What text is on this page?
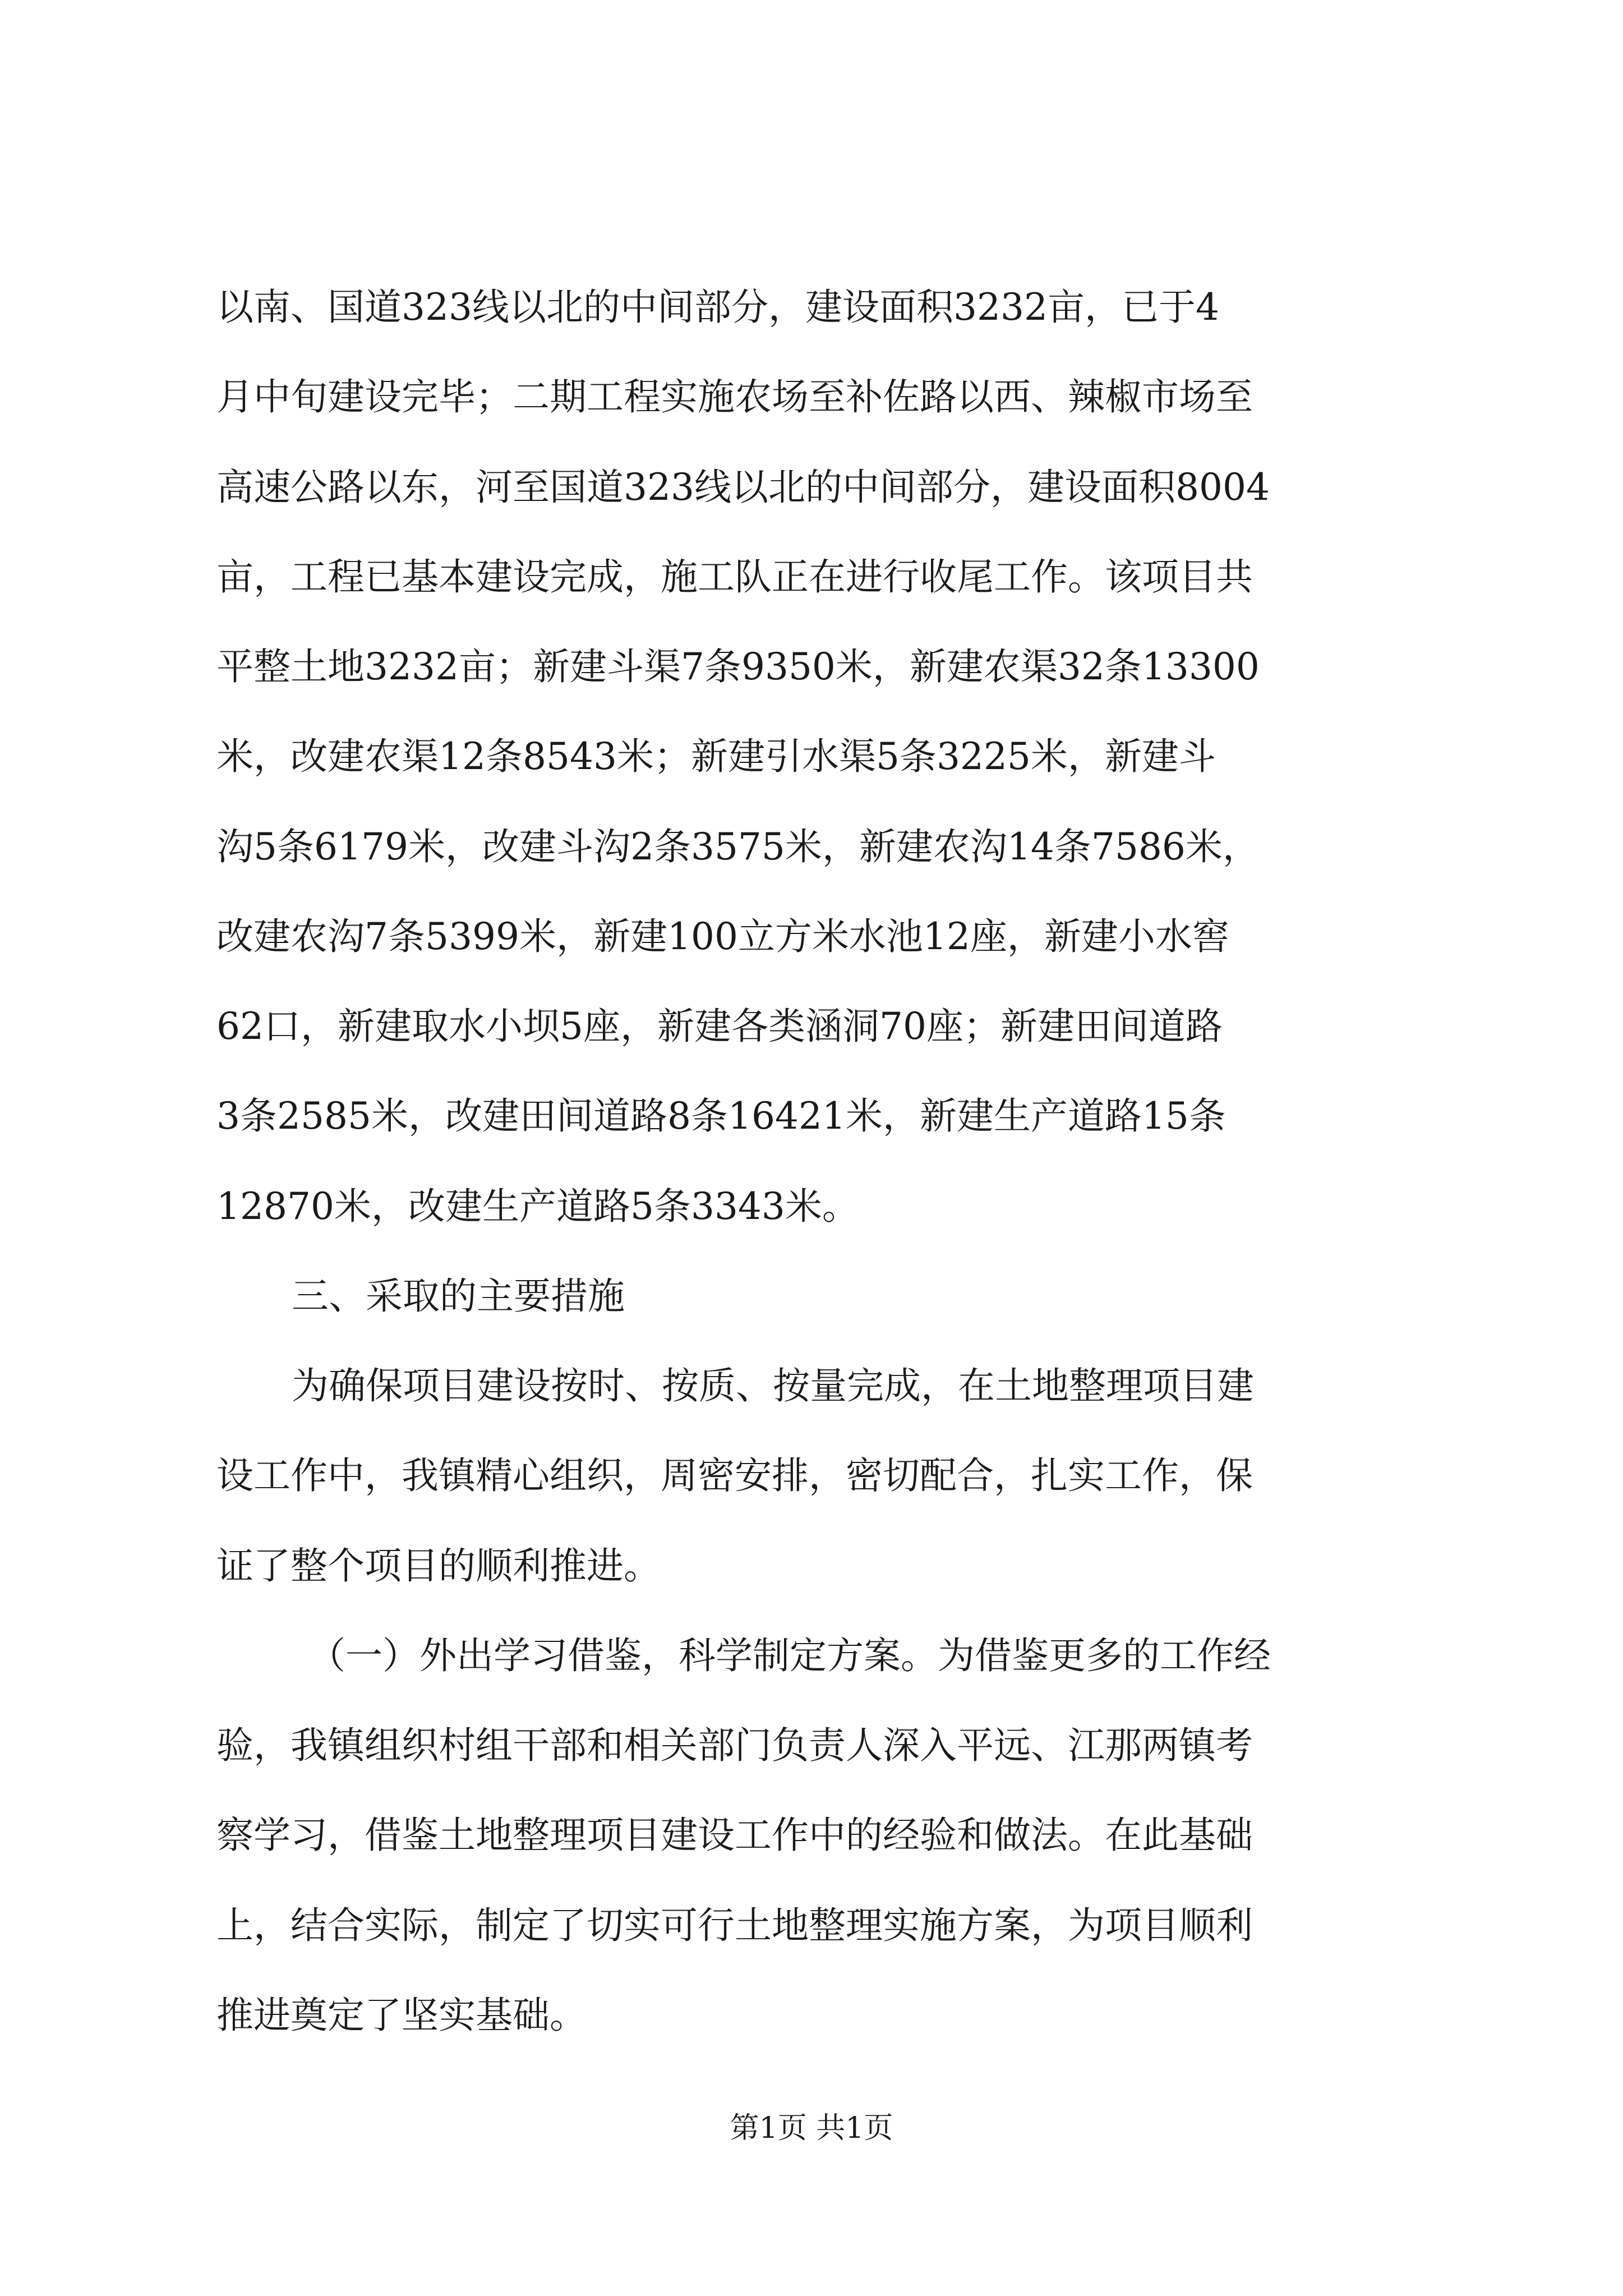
以南、国道323线以北的中间部分，建设面积3232亩，已于4
月中旬建设完毕；二期工程实施农场至补佐路以西、辣椒市场至
高速公路以东，河至国道323线以北的中间部分，建设面积8004
亩，工程已基本建设完成，施工队正在进行收尾工作。该项目共
平整土地3232亩；新建斗渠7条9350米，新建农渠32条13300
米，改建农渠12条8543米；新建引水渠5条3225米，新建斗
沟5条6179米，改建斗沟2条3575米，新建农沟14条7586米，
改建农沟7条5399米，新建100立方米水池12座，新建小水窖
62口，新建取水小坝5座，新建各类涵洞70座；新建田间道路
3条2585米，改建田间道路8条16421米，新建生产道路15条
12870米，改建生产道路5条3343米。
三、采取的主要措施
为确保项目建设按时、按质、按量完成，在土地整理项目建
设工作中，我镇精心组织，周密安排，密切配合，扎实工作，保
证了整个项目的顺利推进。
（一）外出学习借鉴，科学制定方案。为借鉴更多的工作经
验，我镇组织村组干部和相关部门负责人深入平远、江那两镇考
察学习，借鉴土地整理项目建设工作中的经验和做法。在此基础
上，结合实际，制定了切实可行土地整理实施方案，为项目顺利
推进奠定了坚实基础。
第1页 共1页
